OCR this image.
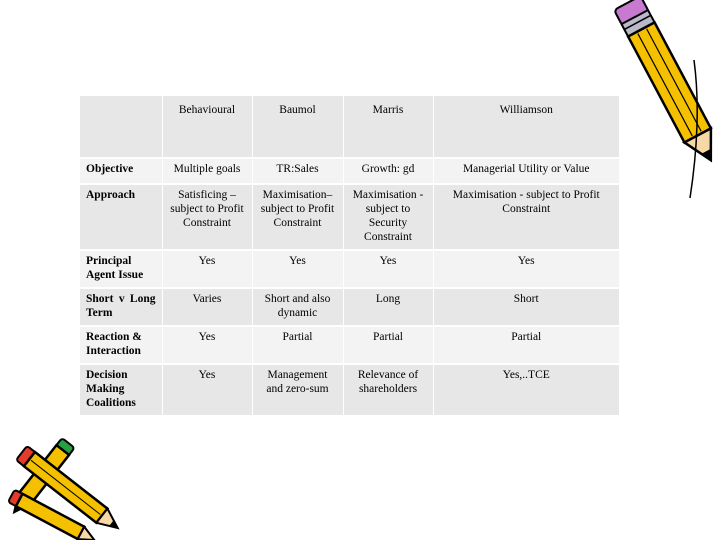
	Behavioural	Baumol	Marris	Williamson
Objective	Multiple goals	TR:Sales	Growth: gd	Managerial Utility or Value
Approach	Satisficing – subject to Profit Constraint	Maximisation– subject to Profit Constraint	Maximisation - subject to Security Constraint	Maximisation - subject to Profit Constraint
Principal Agent Issue	Yes	Yes	Yes	Yes
Short v Long Term	Varies	Short and also dynamic	Long	Short
Reaction & Interaction	Yes	Partial	Partial	Partial
Decision Making Coalitions	Yes	Management and zero-sum	Relevance of shareholders	Yes,..TCE
